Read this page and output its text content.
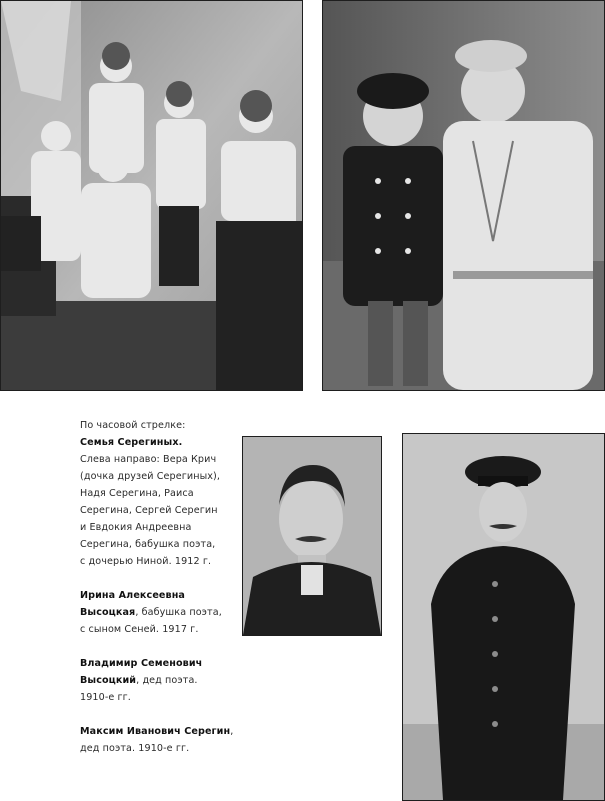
По часовой стрелке:

Семья Серегиных.

Слева направо: Вера Крич

(дочка друзей Серегиных),

Надя Серегина, Раиса

Серегина, Сергей Серегин

и Евдокия Андреевна

Серегина, бабушка поэта,

с дочерью Ниной. 1912 г.

Ирина Алексеевна

Высоцкая, бабушка поэта,

с сыном Сеней. 1917 г.

Владимир Семенович

Высоцкий, дед поэта.

1910-е гг.

Максим Иванович Серегин,

дед поэта. 1910-е гг.
